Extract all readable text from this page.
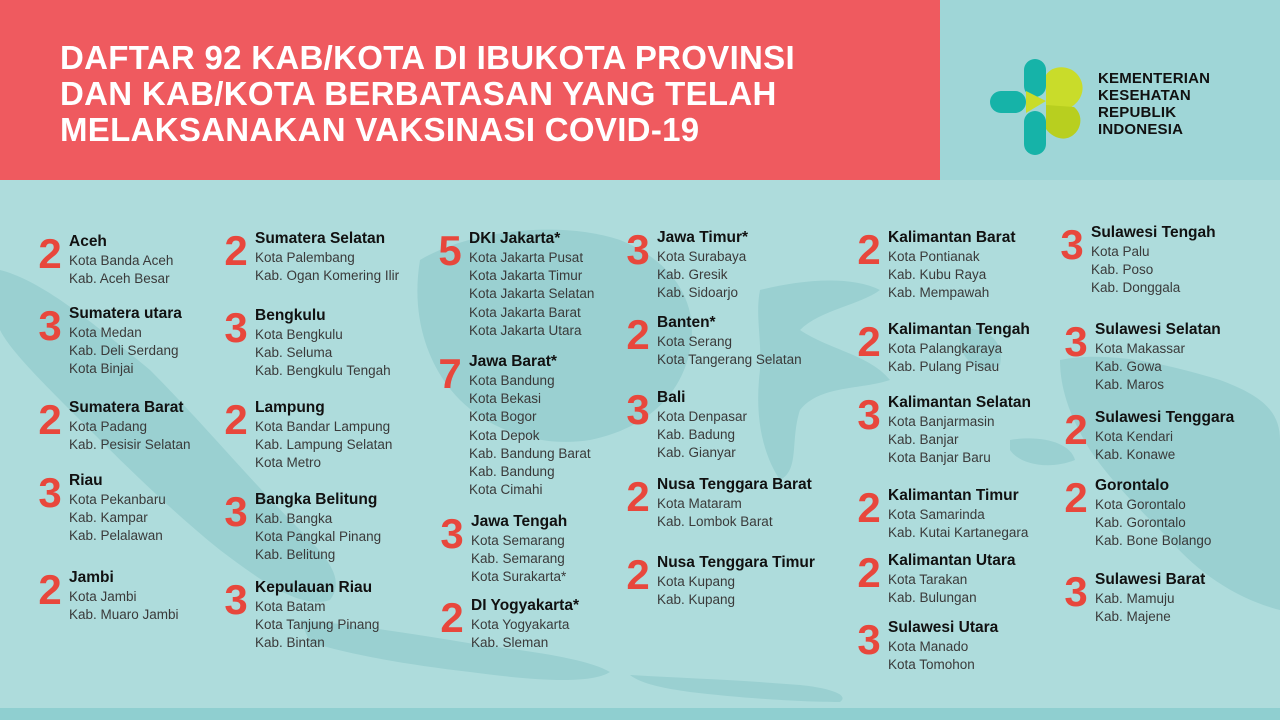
DAFTAR 92 KAB/KOTA DI IBUKOTA PROVINSI
DAN KAB/KOTA BERBATASAN YANG TELAH
MELAKSANAKAN VAKSINASI COVID-19
KEMENTERIAN
KESEHATAN
REPUBLIK
INDONESIA
2 Aceh
Kota Banda Aceh
Kab. Aceh Besar
3 Sumatera utara
Kota Medan
Kab. Deli Serdang
Kota Binjai
2 Sumatera Barat
Kota Padang
Kab. Pesisir Selatan
3 Riau
Kota Pekanbaru
Kab. Kampar
Kab. Pelalawan
2 Jambi
Kota Jambi
Kab. Muaro Jambi
2 Sumatera Selatan
Kota Palembang
Kab. Ogan Komering Ilir
3 Bengkulu
Kota Bengkulu
Kab. Seluma
Kab. Bengkulu Tengah
2 Lampung
Kota Bandar Lampung
Kab. Lampung Selatan
Kota Metro
3 Bangka Belitung
Kab. Bangka
Kota Pangkal Pinang
Kab. Belitung
3 Kepulauan Riau
Kota Batam
Kota Tanjung Pinang
Kab. Bintan
5 DKI Jakarta*
Kota Jakarta Pusat
Kota Jakarta Timur
Kota Jakarta Selatan
Kota Jakarta Barat
Kota Jakarta Utara
7 Jawa Barat*
Kota Bandung
Kota Bekasi
Kota Bogor
Kota Depok
Kab. Bandung Barat
Kab. Bandung
Kota Cimahi
3 Jawa Tengah
Kota Semarang
Kab. Semarang
Kota Surakarta*
2 DI Yogyakarta*
Kota Yogyakarta
Kab. Sleman
3 Jawa Timur*
Kota Surabaya
Kab. Gresik
Kab. Sidoarjo
2 Banten*
Kota Serang
Kota Tangerang Selatan
3 Bali
Kota Denpasar
Kab. Badung
Kab. Gianyar
2 Nusa Tenggara Barat
Kota Mataram
Kab. Lombok Barat
2 Nusa Tenggara Timur
Kota Kupang
Kab. Kupang
2 Kalimantan Barat
Kota Pontianak
Kab. Kubu Raya
Kab. Mempawah
2 Kalimantan Tengah
Kota Palangkaraya
Kab. Pulang Pisau
3 Kalimantan Selatan
Kota Banjarmasin
Kab. Banjar
Kota Banjar Baru
2 Kalimantan Timur
Kota Samarinda
Kab. Kutai Kartanegara
2 Kalimantan Utara
Kota Tarakan
Kab. Bulungan
3 Sulawesi Utara
Kota Manado
Kota Tomohon
3 Sulawesi Tengah
Kota Palu
Kab. Poso
Kab. Donggala
3 Sulawesi Selatan
Kota Makassar
Kab. Gowa
Kab. Maros
2 Sulawesi Tenggara
Kota Kendari
Kab. Konawe
2 Gorontalo
Kota Gorontalo
Kab. Gorontalo
Kab. Bone Bolango
3 Sulawesi Barat
Kab. Mamuju
Kab. Majene
